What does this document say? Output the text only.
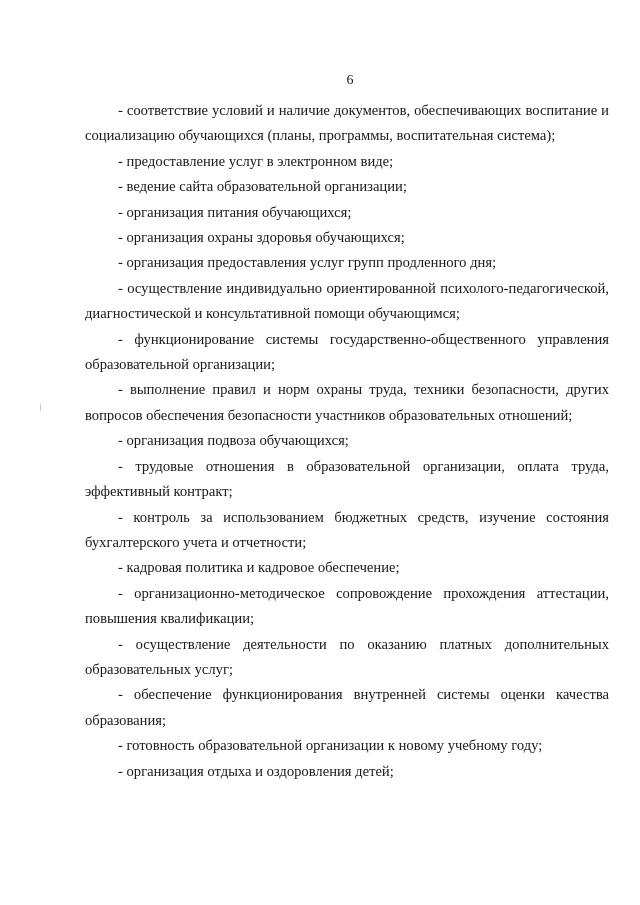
6

- соответствие условий и наличие документов, обеспечивающих воспитание и социализацию обучающихся (планы, программы, воспитательная система);

- предоставление услуг в электронном виде;

- ведение сайта образовательной организации;

- организация питания обучающихся;

- организация охраны здоровья обучающихся;

- организация предоставления услуг групп продленного дня;

- осуществление индивидуально ориентированной психолого-педагогической, диагностической и консультативной помощи обучающимся;

- функционирование системы государственно-общественного управления образовательной организации;

- выполнение правил и норм охраны труда, техники безопасности, других вопросов обеспечения безопасности участников образовательных отношений;

- организация подвоза обучающихся;

- трудовые отношения в образовательной организации, оплата труда, эффективный контракт;

- контроль за использованием бюджетных средств, изучение состояния бухгалтерского учета и отчетности;

- кадровая политика и кадровое обеспечение;

- организационно-методическое сопровождение прохождения аттестации, повышения квалификации;

- осуществление деятельности по оказанию платных дополнительных образовательных услуг;

- обеспечение функционирования внутренней системы оценки качества образования;

- готовность образовательной организации к новому учебному году;

- организация отдыха и оздоровления детей;
